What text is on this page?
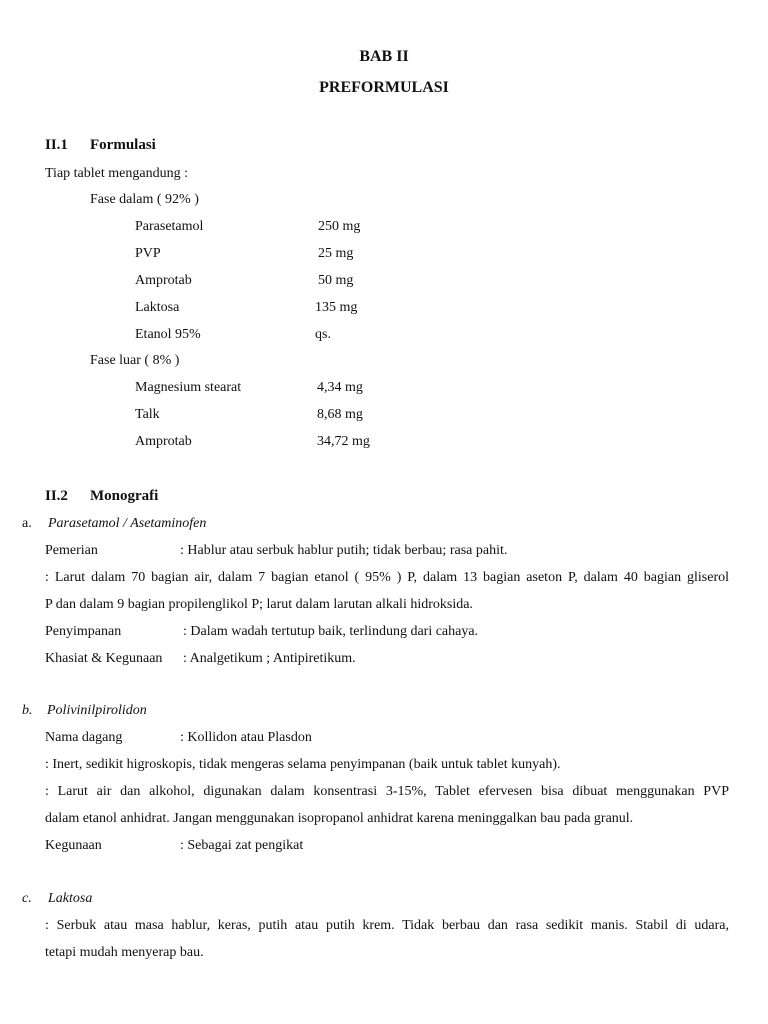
BAB II
PREFORMULASI
II.1 Formulasi
Tiap tablet mengandung :
Fase dalam ( 92% )
Parasetamol	250 mg
PVP	25 mg
Amprotab	50 mg
Laktosa	135 mg
Etanol 95%	qs.
Fase luar ( 8% )
Magnesium stearat	4,34 mg
Talk	8,68 mg
Amprotab	34,72 mg
II.2 Monografi
a. Parasetamol / Asetaminofen
Pemerian	: Hablur atau serbuk hablur putih; tidak berbau; rasa pahit.
: Larut dalam 70 bagian air, dalam 7 bagian etanol ( 95% ) P, dalam 13 bagian aseton P, dalam 40 bagian gliserol
P dan dalam 9 bagian propilenglikol P; larut dalam larutan alkali hidroksida.
Penyimpanan	: Dalam wadah tertutup baik, terlindung dari cahaya.
Khasiat & Kegunaan : Analgetikum ; Antipiretikum.
b. Polivinilpirolidon
Nama dagang	: Kollidon atau Plasdon
: Inert, sedikit higroskopis, tidak mengeras selama penyimpanan (baik untuk tablet kunyah).
: Larut air dan alkohol, digunakan dalam konsentrasi 3-15%, Tablet efervesen bisa dibuat menggunakan PVP
dalam etanol anhidrat. Jangan menggunakan isopropanol anhidrat karena meninggalkan bau pada granul.
Kegunaan	: Sebagai zat pengikat
c. Laktosa
: Serbuk atau masa hablur, keras, putih atau putih krem. Tidak berbau dan rasa sedikit manis. Stabil di udara,
tetapi mudah menyerap bau.
